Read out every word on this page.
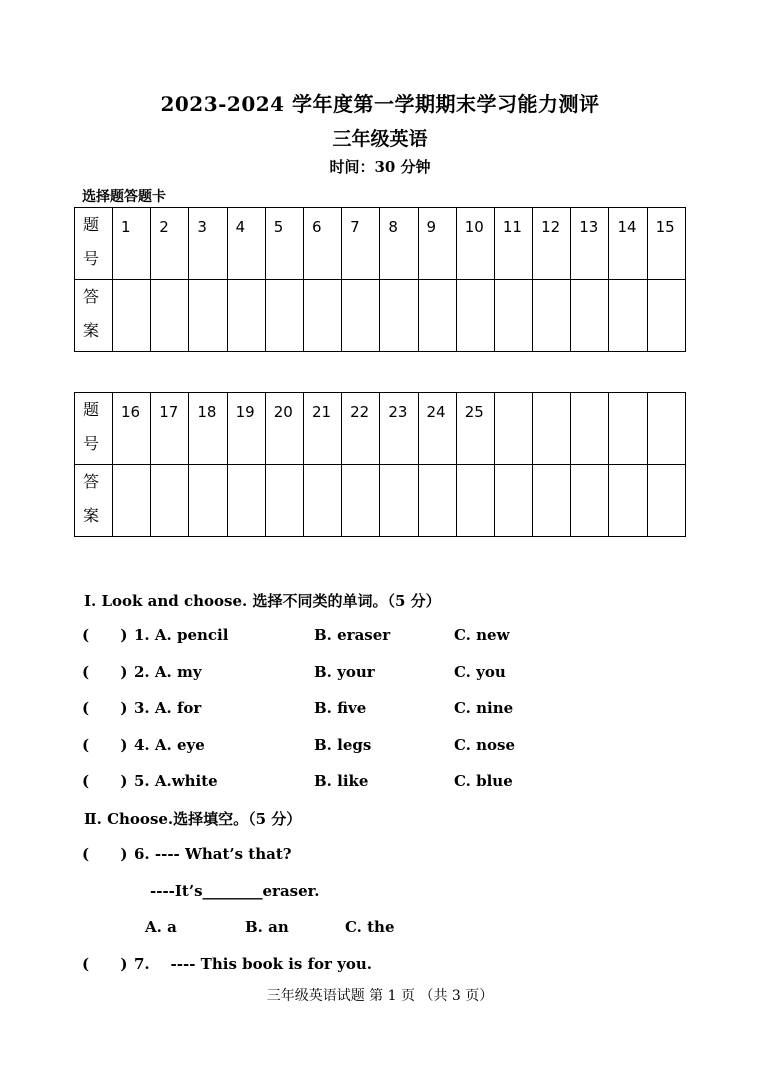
2023-2024 学年度第一学期期末学习能力测评
三年级英语
时间：30 分钟
选择题答题卡
题号	1	2	3	4	5	6	7	8	9	10	11	12	13	14	15
答案															
题号	16	17	18	19	20	21	22	23	24	25					
答案															
Ⅰ. Look and choose. 选择不同类的单词。（5 分）
(      ) 1. A. pencil	B. eraser	C. new
(      ) 2. A. my	B. your	C. you
(      ) 3. A. for	B. five	C. nine
(      ) 4. A. eye	B. legs	C. nose
(      ) 5. A.white	B. like	C. blue
Ⅱ. Choose.选择填空。（5 分）
(      ) 6. ---- What’s that?
----It’s________eraser.
A. a	B. an	C. the
(      ) 7.    ---- This book is for you.
三年级英语试题 第 1 页 （共 3 页）
